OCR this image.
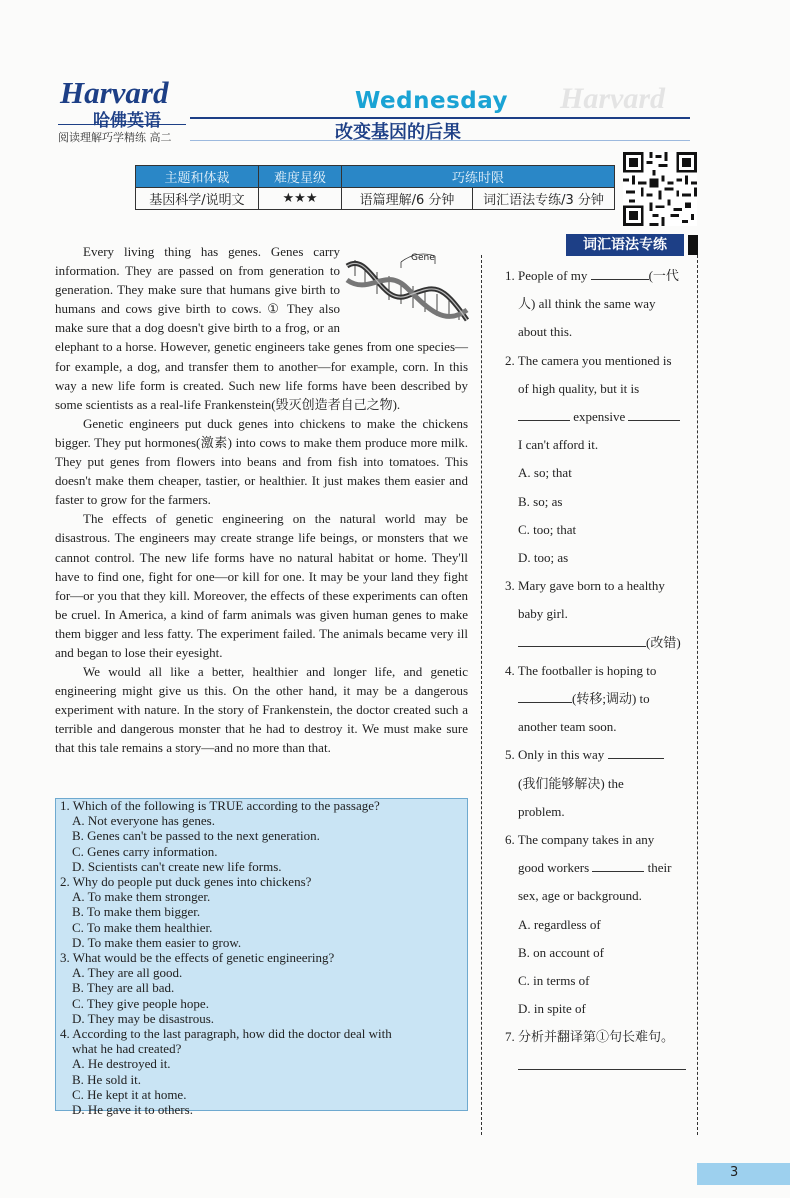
Harvard
Harvard
哈佛英语
阅读理解巧学精练 高二
Wednesday
改变基因的后果
主题和体裁	难度星级	巧练时限	
基因科学/说明文	★★★	语篇理解/6 分钟	词汇语法专练/3 分钟

Every living thing has genes. Genes carry information. They are passed on from generation to generation. They make sure that humans give birth to humans and cows give birth to cows. ① They also make sure that a dog doesn't give birth to a frog, or an elephant to a horse. However, genetic engineers take genes from one species—for example, a dog, and transfer them to another—for example, corn. In this way a new life form is created. Such new life forms have been described by some scientists as a real-life Frankenstein(毁灭创造者自己之物).

Genetic engineers put duck genes into chickens to make the chickens bigger. They put hormones(激素) into cows to make them produce more milk. They put genes from flowers into beans and from fish into tomatoes. This doesn't make them cheaper, tastier, or healthier. It just makes them easier and faster to grow for the farmers.

The effects of genetic engineering on the natural world may be disastrous. The engineers may create strange life beings, or monsters that we cannot control. The new life forms have no natural habitat or home. They'll have to find one, fight for one—or kill for one. It may be your land they fight for—or you that they kill. Moreover, the effects of these experiments can often be cruel. In America, a kind of farm animals was given human genes to make them bigger and less fatty. The experiment failed. The animals became very ill and began to lose their eyesight.

We would all like a better, healthier and longer life, and genetic engineering might give us this. On the other hand, it may be a dangerous experiment with nature. In the story of Frankenstein, the doctor created such a terrible and dangerous monster that he had to destroy it. We must make sure that this tale remains a story—and no more than that.

Gene
1. Which of the following is TRUE according to the passage?
A. Not everyone has genes.
B. Genes can't be passed to the next generation.
C. Genes carry information.
D. Scientists can't create new life forms.
2. Why do people put duck genes into chickens?
A. To make them stronger.
B. To make them bigger.
C. To make them healthier.
D. To make them easier to grow.
3. What would be the effects of genetic engineering?
A. They are all good.
B. They are all bad.
C. They give people hope.
D. They may be disastrous.
4. According to the last paragraph, how did the doctor deal with
what he had created?
A. He destroyed it.
B. He sold it.
C. He kept it at home.
D. He gave it to others.
词汇语法专练
1. People of my	(一代
人) all think the same way
about this.
2. The camera you mentioned is
of high quality, but it is
expensive
I can't afford it.
A. so; that
B. so; as
C. too; that
D. too; as
3. Mary gave born to a healthy
baby girl.
(改错)
4. The footballer is hoping to
(转移;调动) to
another team soon.
5. Only in this way
(我们能够解决) the
problem.
6. The company takes in any
good workers	their
sex, age or background.
A. regardless of
B. on account of
C. in terms of
D. in spite of
7. 分析并翻译第①句长难句。
3
